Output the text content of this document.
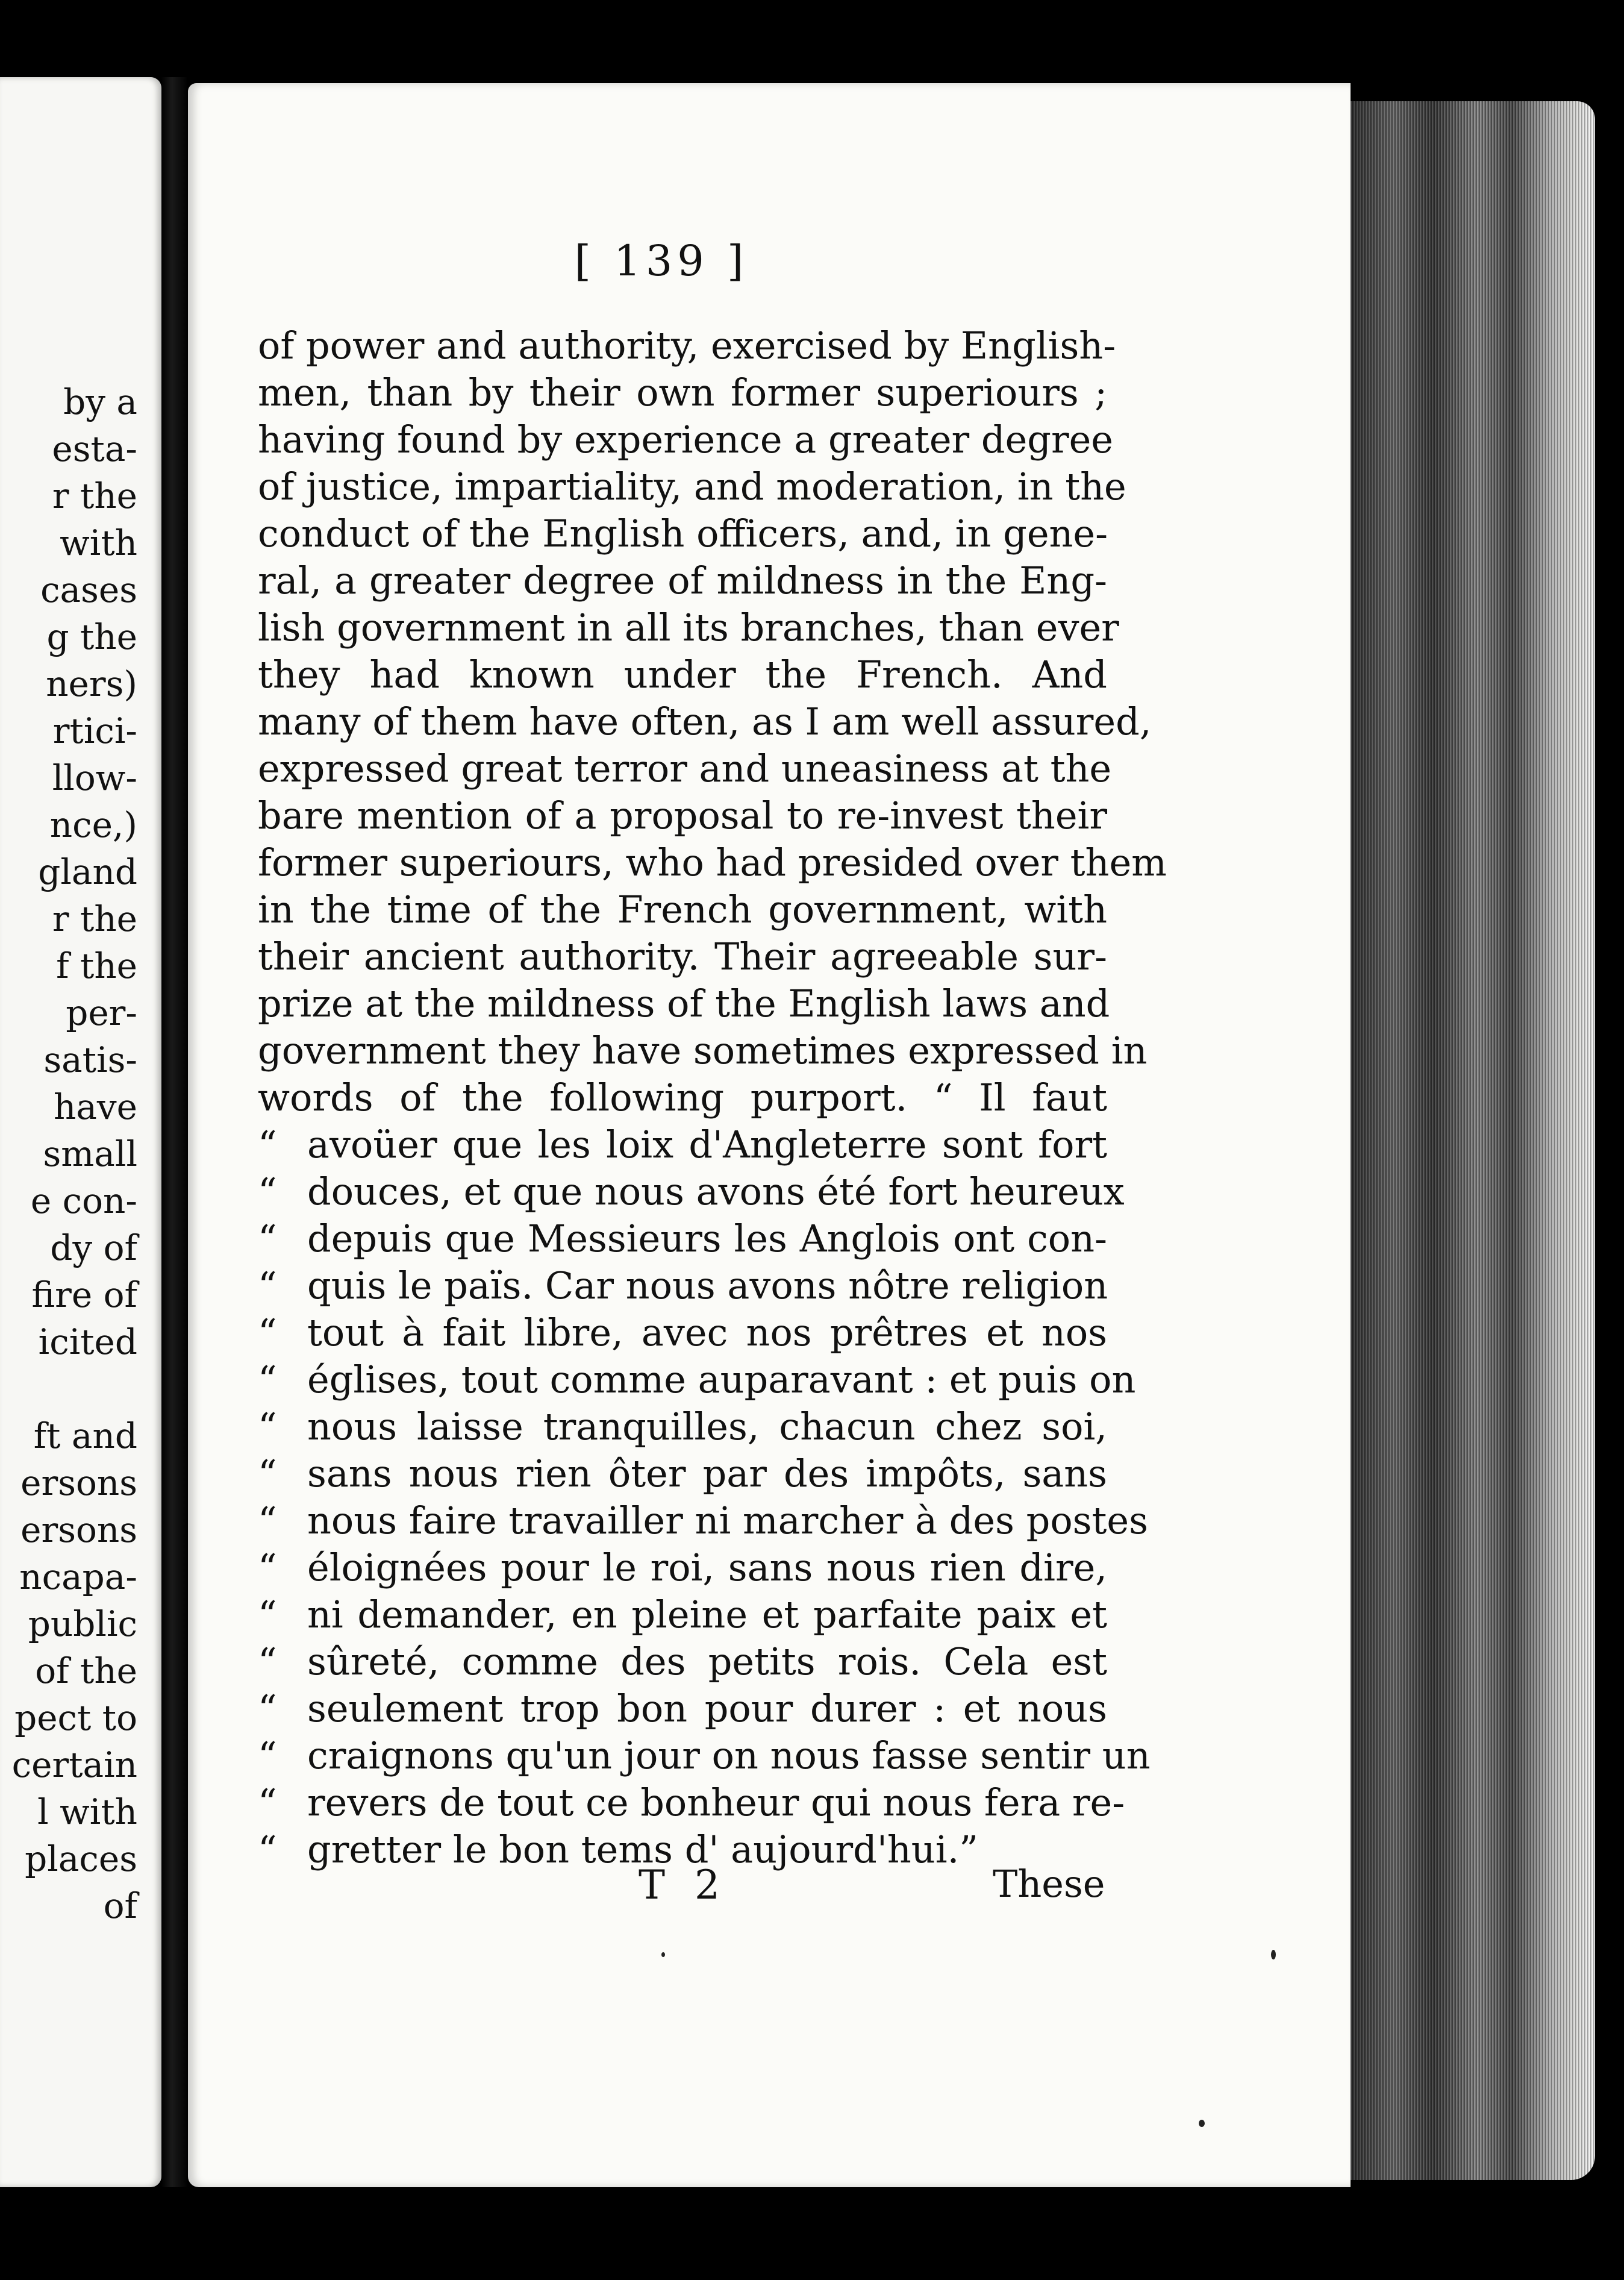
by a
esta-
r the
with
cases
g the
ners)
rtici-
llow-
nce,)
gland
r the
f the
per-
satis-
have
small
e con-
dy of
fire of
icited
ft and
ersons
ersons
ncapa-
public
of the
pect to
certain
l with
places
of
[ 139 ]
of power and authority, exercised by English-
men, than by their own former superiours ;
having found by experience a greater degree
of justice, impartiality, and moderation, in the
conduct of the English officers, and, in gene-
ral, a greater degree of mildness in the Eng-
lish government in all its branches, than ever
they had known under the French. And
many of them have often, as I am well assured,
expressed great terror and uneasiness at the
bare mention of a proposal to re-invest their
former superiours, who had presided over them
in the time of the French government, with
their ancient authority. Their agreeable sur-
prize at the mildness of the English laws and
government they have sometimes expressed in
words of the following purport. “ Il faut
“ avoüer que les loix d'Angleterre sont fort
“ douces, et que nous avons été fort heureux
“ depuis que Messieurs les Anglois ont con-
“ quis le païs. Car nous avons nôtre religion
“ tout à fait libre, avec nos prêtres et nos
“ églises, tout comme auparavant : et puis on
“ nous laisse tranquilles, chacun chez soi,
“ sans nous rien ôter par des impôts, sans
“ nous faire travailler ni marcher à des postes
“ éloignées pour le roi, sans nous rien dire,
“ ni demander, en pleine et parfaite paix et
“ sûreté, comme des petits rois. Cela est
“ seulement trop bon pour durer : et nous
“ craignons qu'un jour on nous fasse sentir un
“ revers de tout ce bonheur qui nous fera re-
“ gretter le bon tems d' aujourd'hui.”
T 2	These
